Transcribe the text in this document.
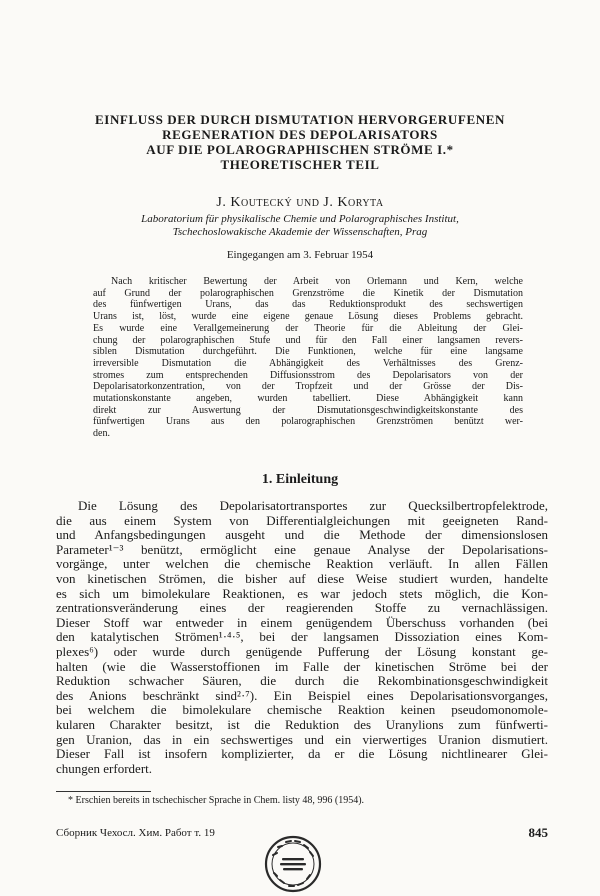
EINFLUSS DER DURCH DISMUTATION HERVORGERUFENEN
REGENERATION DES DEPOLARISATORS
AUF DIE POLAROGRAPHISCHEN STRÖME I.*
THEORETISCHER TEIL
J. Koutecký und J. Koryta
Laboratorium für physikalische Chemie und Polarographisches Institut,
Tschechoslowakische Akademie der Wissenschaften, Prag
Eingegangen am 3. Februar 1954
Nach kritischer Bewertung der Arbeit von Orlemann und Kern, welche
auf Grund der polarographischen Grenzströme die Kinetik der Dismutation
des fünfwertigen Urans, das das Reduktionsprodukt des sechswertigen
Urans ist, löst, wurde eine eigene genaue Lösung dieses Problems gebracht.
Es wurde eine Verallgemeinerung der Theorie für die Ableitung der Glei-
chung der polarographischen Stufe und für den Fall einer langsamen revers-
siblen Dismutation durchgeführt. Die Funktionen, welche für eine langsame
irreversible Dismutation die Abhängigkeit des Verhältnisses des Grenz-
stromes zum entsprechenden Diffusionsstrom des Depolarisators von der
Depolarisatorkonzentration, von der Tropfzeit und der Grösse der Dis-
mutationskonstante angeben, wurden tabelliert. Diese Abhängigkeit kann
direkt zur Auswertung der Dismutationsgeschwindigkeitskonstante des
fünfwertigen Urans aus den polarographischen Grenzströmen benützt wer-
den.
1. Einleitung
Die Lösung des Depolarisatortransportes zur Quecksilbertropfelektrode,
die aus einem System von Differentialgleichungen mit geeigneten Rand-
und Anfangsbedingungen ausgeht und die Methode der dimensionslosen
Parameter¹⁻³ benützt, ermöglicht eine genaue Analyse der Depolarisations-
vorgänge, unter welchen die chemische Reaktion verläuft. In allen Fällen
von kinetischen Strömen, die bisher auf diese Weise studiert wurden, handelte
es sich um bimolekulare Reaktionen, es war jedoch stets möglich, die Kon-
zentrationsveränderung eines der reagierenden Stoffe zu vernachlässigen.
Dieser Stoff war entweder in einem genügendem Überschuss vorhanden (bei
den katalytischen Strömen¹·⁴·⁵, bei der langsamen Dissoziation eines Kom-
plexes⁶) oder wurde durch genügende Pufferung der Lösung konstant ge-
halten (wie die Wasserstoffionen im Falle der kinetischen Ströme bei der
Reduktion schwacher Säuren, die durch die Rekombinationsgeschwindigkeit
des Anions beschränkt sind²·⁷). Ein Beispiel eines Depolarisationsvorganges,
bei welchem die bimolekulare chemische Reaktion keinen pseudomonomole-
kularen Charakter besitzt, ist die Reduktion des Uranylions zum fünfwerti-
gen Uranion, das in ein sechswertiges und ein vierwertiges Uranion dismutiert.
Dieser Fall ist insofern komplizierter, da er die Lösung nichtlinearer Glei-
chungen erfordert.
* Erschien bereits in tschechischer Sprache in Chem. listy 48, 996 (1954).
Сборник Чехосл. Хим. Работ т. 19	845
